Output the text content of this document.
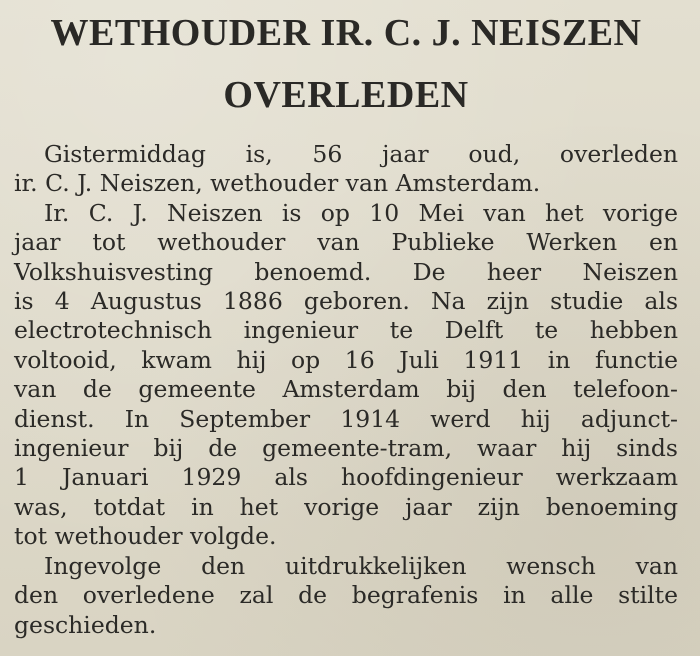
WETHOUDER IR. C. J. NEISZEN
OVERLEDEN

Gistermiddag is, 56 jaar oud, overleden
ir. C. J. Neiszen, wethouder van Amsterdam.

Ir. C. J. Neiszen is op 10 Mei van het vorige
jaar tot wethouder van Publieke Werken en
Volkshuisvesting benoemd. De heer Neiszen
is 4 Augustus 1886 geboren. Na zijn studie als
electrotechnisch ingenieur te Delft te hebben
voltooid, kwam hij op 16 Juli 1911 in functie
van de gemeente Amsterdam bij den telefoon-
dienst. In September 1914 werd hij adjunct-
ingenieur bij de gemeente-tram, waar hij sinds
1 Januari 1929 als hoofdingenieur werkzaam
was, totdat in het vorige jaar zijn benoeming
tot wethouder volgde.

Ingevolge den uitdrukkelijken wensch van
den overledene zal de begrafenis in alle stilte
geschieden.
